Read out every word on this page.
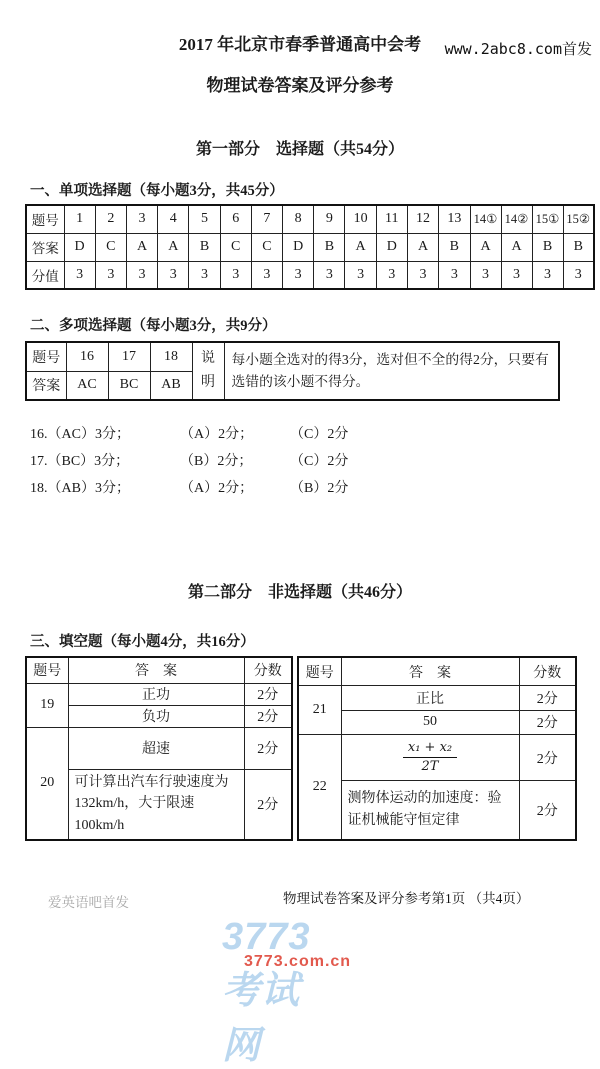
www.2abc8.com首发
2017 年北京市春季普通高中会考
物理试卷答案及评分参考
第一部分　选择题（共54分）
一、单项选择题（每小题3分，共45分）
题号	1	2	3	4	5	6	7	8	9	10	11	12	13	14①	14②	15①	15②
答案	D	C	A	A	B	C	C	D	B	A	D	A	B	A	A	B	B
分值	3	3	3	3	3	3	3	3	3	3	3	3	3	3	3	3	3
二、多项选择题（每小题3分，共9分）
题号	16	17	18	说明	每小题全选对的得3分，选对但不全的得2分，只要有选错的该小题不得分。
答案	AC	BC	AB		
16.（AC）3分；	（A）2分；	（C）2分
17.（BC）3分；	（B）2分；	（C）2分
18.（AB）3分；	（A）2分；	（B）2分
3773考试网
3773.com.cn
第二部分　非选择题（共46分）
三、填空题（每小题4分，共16分）
题号	答　案	分数
19	正功	2分
	负功	2分
20	超速	2分
	可计算出汽车行驶速度为132km/h，大于限速100km/h	2分
题号	答　案	分数
21	正比	2分
	50	2分
22	$\frac{\text{x₁ + x₂}}{2T}$	2分
	测物体运动的加速度：验证机械能守恒定律	2分
爱英语吧首发	物理试卷答案及评分参考第1页 （共4页）
